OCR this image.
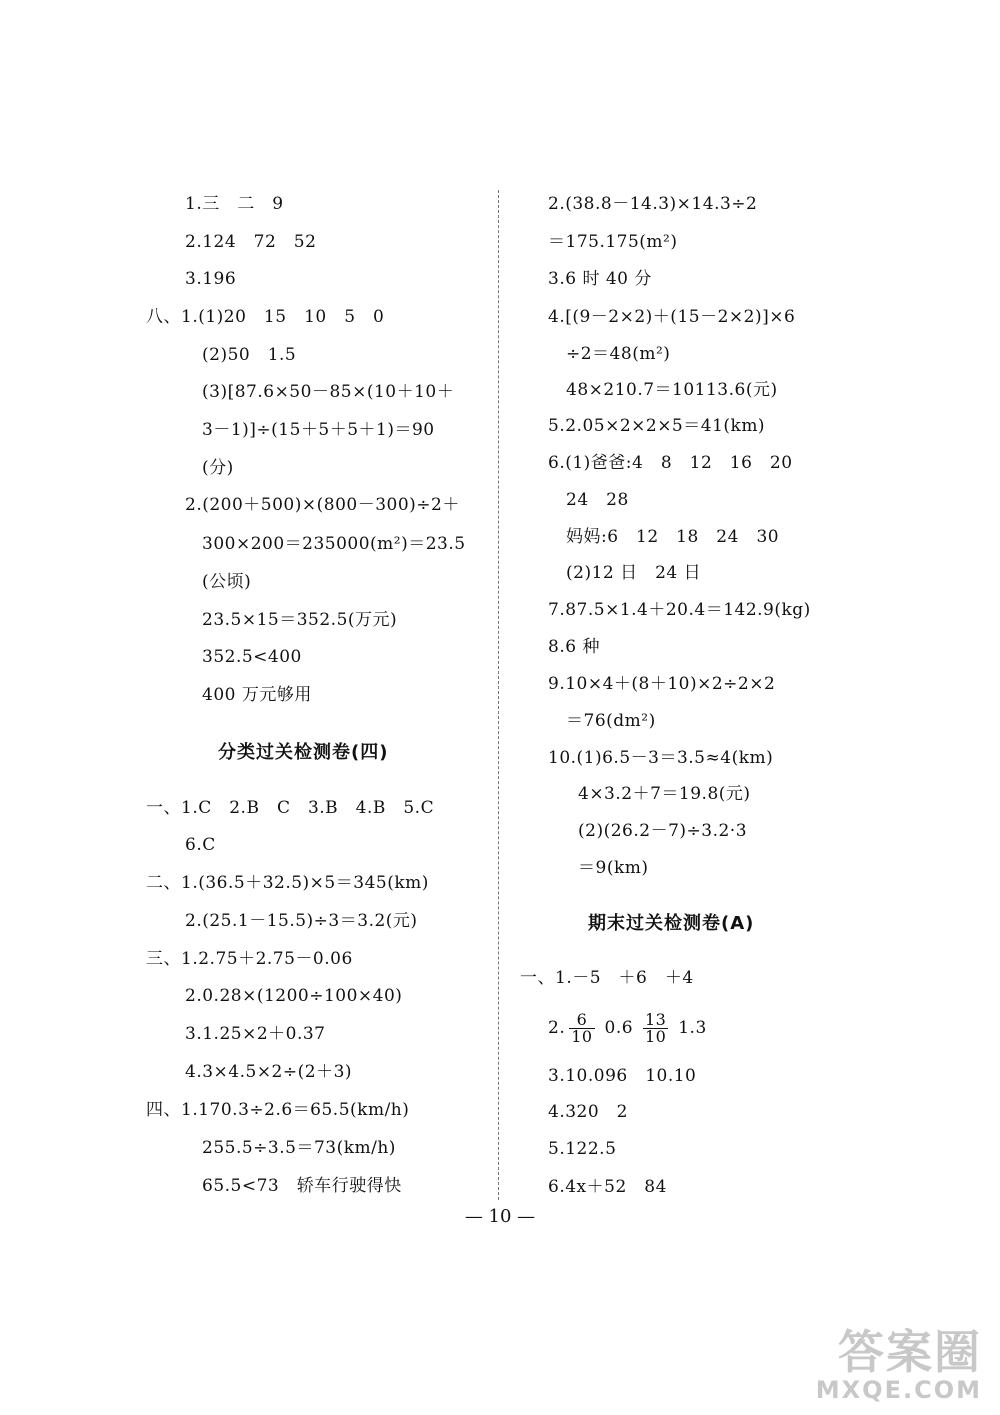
1.三　二　9
2.124　72　52
3.196
八、1.(1)20　15　10　5　0
(2)50　1.5
(3)[87.6×50－85×(10＋10＋
3－1)]÷(15＋5＋5＋1)＝90
(分)
2.(200＋500)×(800－300)÷2＋
300×200＝235000(m²)＝23.5
(公顷)
23.5×15＝352.5(万元)
352.5<400
400 万元够用
分类过关检测卷(四)
一、1.C　2.B　C　3.B　4.B　5.C
6.C
二、1.(36.5＋32.5)×5＝345(km)
2.(25.1－15.5)÷3＝3.2(元)
三、1.2.75＋2.75－0.06
2.0.28×(1200÷100×40)
3.1.25×2＋0.37
4.3×4.5×2÷(2＋3)
四、1.170.3÷2.6＝65.5(km/h)
255.5÷3.5＝73(km/h)
65.5<73　轿车行驶得快
2.(38.8－14.3)×14.3÷2
＝175.175(m²)
3.6 时 40 分
4.[(9－2×2)＋(15－2×2)]×6
÷2＝48(m²)
48×210.7＝10113.6(元)
5.2.05×2×2×5＝41(km)
6.(1)爸爸:4　8　12　16　20
24　28
妈妈:6　12　18　24　30
(2)12 日　24 日
7.87.5×1.4＋20.4＝142.9(kg)
8.6 种
9.10×4＋(8＋10)×2÷2×2
＝76(dm²)
10.(1)6.5－3＝3.5≈4(km)
4×3.2＋7＝19.8(元)
(2)(26.2－7)÷3.2·3
＝9(km)
期末过关检测卷(A)
一、1.－5　＋6　＋4
2. $\frac{6}{10} 0.6 \frac{13}{10} 1.3$
3.10.096　10.10
4.320　2
5.122.5
6.4x＋52　84
— 10 —
答案圈
MXQE.COM
